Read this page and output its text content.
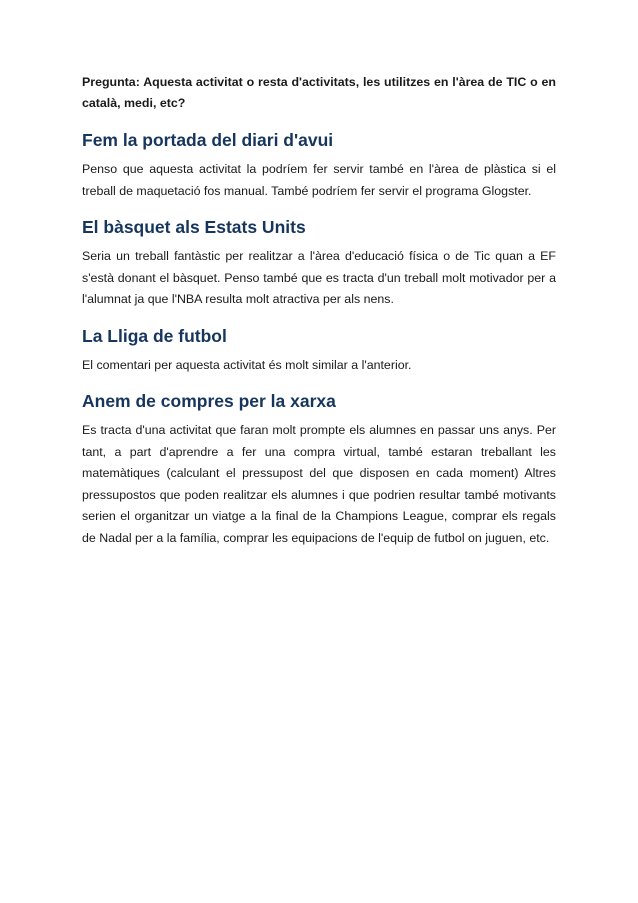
Pregunta: Aquesta activitat o resta d'activitats, les utilitzes en l'àrea de TIC o en català, medi, etc?

Fem la portada del diari d'avui

Penso que aquesta activitat la podríem fer servir també en l'àrea de plàstica si el treball de maquetació fos manual. També podríem fer servir el programa Glogster.

El bàsquet als Estats Units

Seria un treball fantàstic per realitzar a l'àrea d'educació física o de Tic quan a EF s'està donant el bàsquet. Penso també que es tracta d'un treball molt motivador per a l'alumnat ja que l'NBA resulta molt atractiva per als nens.

La Lliga de futbol

El comentari per aquesta activitat és molt similar a l'anterior.

Anem de compres per la xarxa

Es tracta d'una activitat que faran molt prompte els alumnes en passar uns anys. Per tant, a part d'aprendre a fer una compra virtual, també estaran treballant les matemàtiques (calculant el pressupost del que disposen en cada moment) Altres pressupostos que poden realitzar els alumnes i que podrien resultar també motivants serien el organitzar un viatge a la final de la Champions League, comprar els regals de Nadal per a la família, comprar les equipacions de l'equip de futbol on juguen, etc.
